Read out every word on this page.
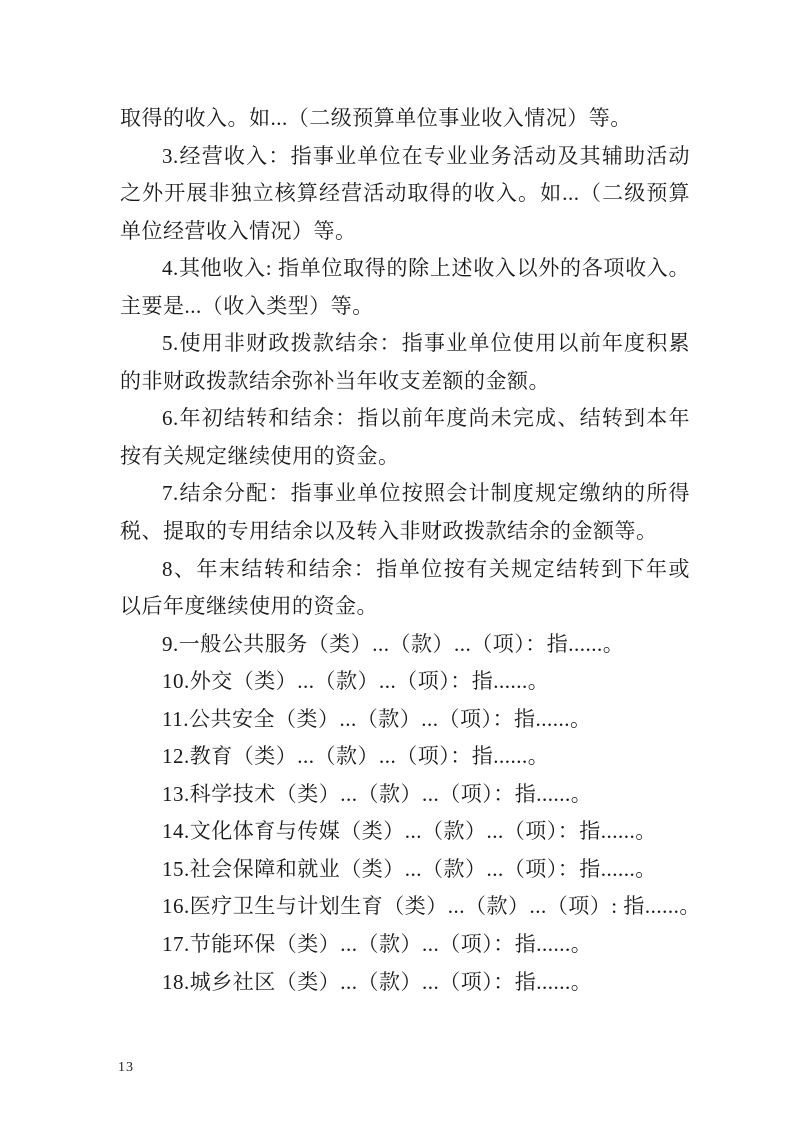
取得的收入。如...（二级预算单位事业收入情况）等。
3.经营收入：指事业单位在专业业务活动及其辅助活动
之外开展非独立核算经营活动取得的收入。如...（二级预算
单位经营收入情况）等。
4.其他收入: 指单位取得的除上述收入以外的各项收入。
主要是...（收入类型）等。
5.使用非财政拨款结余：指事业单位使用以前年度积累
的非财政拨款结余弥补当年收支差额的金额。
6.年初结转和结余：指以前年度尚未完成、结转到本年
按有关规定继续使用的资金。
7.结余分配：指事业单位按照会计制度规定缴纳的所得
税、提取的专用结余以及转入非财政拨款结余的金额等。
8、年末结转和结余：指单位按有关规定结转到下年或
以后年度继续使用的资金。
9.一般公共服务（类）...（款）...（项）：指......。
10.外交（类）...（款）...（项）：指......。
11.公共安全（类）...（款）...（项）：指......。
12.教育（类）...（款）...（项）：指......。
13.科学技术（类）...（款）...（项）：指......。
14.文化体育与传媒（类）...（款）...（项）：指......。
15.社会保障和就业（类）...（款）...（项）：指......。
16.医疗卫生与计划生育（类）...（款）...（项）: 指......。
17.节能环保（类）...（款）...（项）：指......。
18.城乡社区（类）...（款）...（项）：指......。
13
